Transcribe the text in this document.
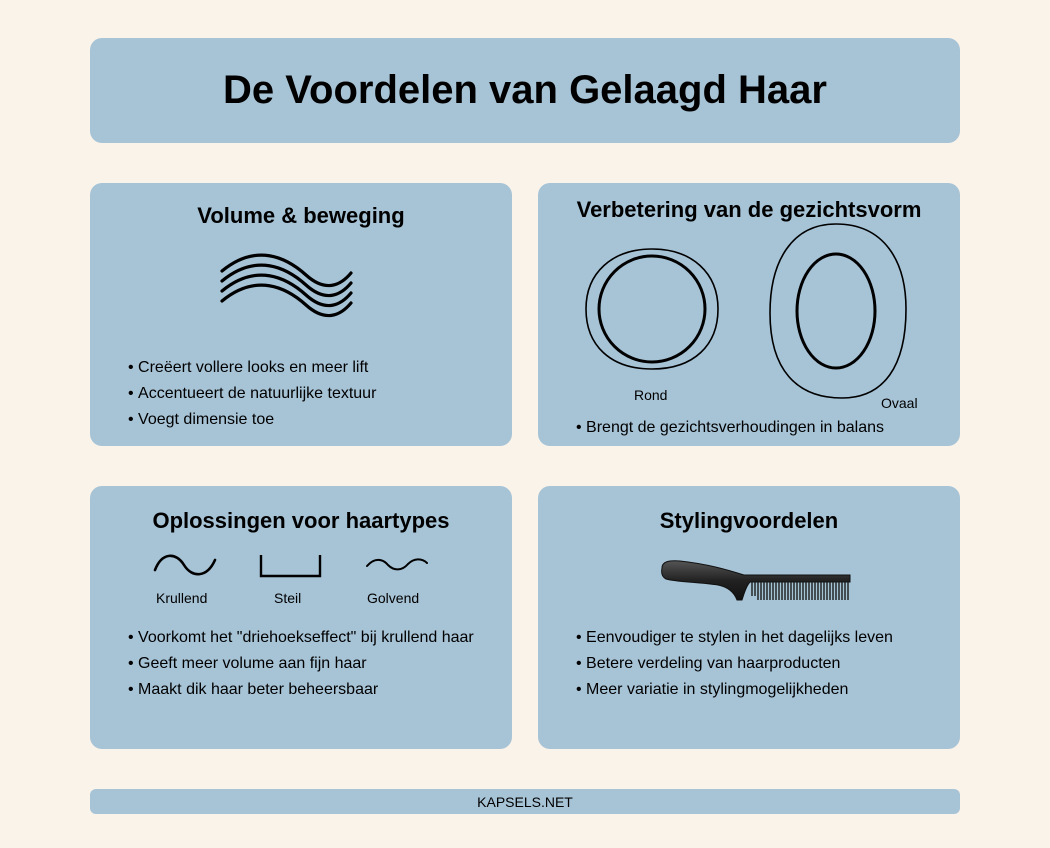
De Voordelen van Gelaagd Haar
Volume & beweging
• Creëert vollere looks en meer lift
• Accentueert de natuurlijke textuur
• Voegt dimensie toe
Verbetering van de gezichtsvorm
Rond	Ovaal
• Brengt de gezichtsverhoudingen in balans
Oplossingen voor haartypes
Krullend	Steil	Golvend
• Voorkomt het "driehoekseffect" bij krullend haar
• Geeft meer volume aan fijn haar
• Maakt dik haar beter beheersbaar
Stylingvoordelen
• Eenvoudiger te stylen in het dagelijks leven
• Betere verdeling van haarproducten
• Meer variatie in stylingmogelijkheden
KAPSELS.NET
